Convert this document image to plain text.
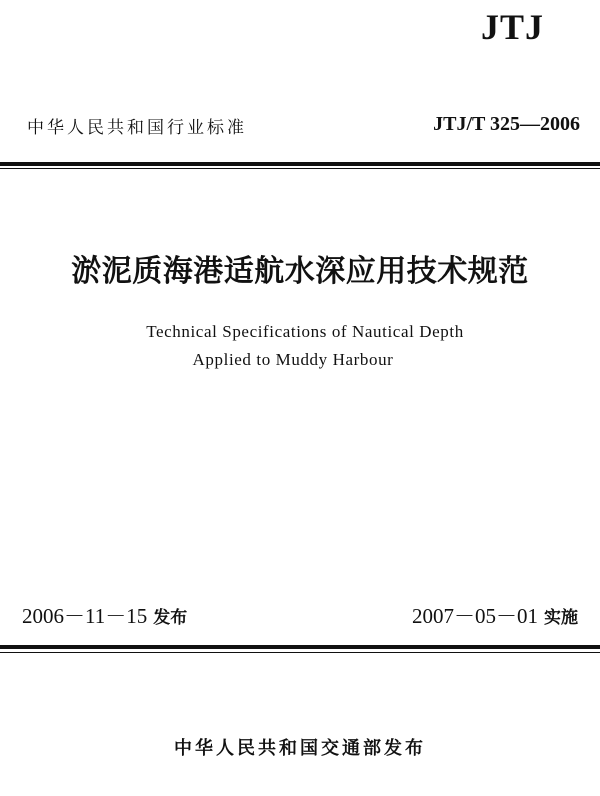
JTJ
中华人民共和国行业标准	JTJ/T 325—2006
淤泥质海港适航水深应用技术规范
Technical Specifications of Nautical Depth
Applied to Muddy Harbour
2006－11－15 发布	2007－05－01 实施
中华人民共和国交通部发布
